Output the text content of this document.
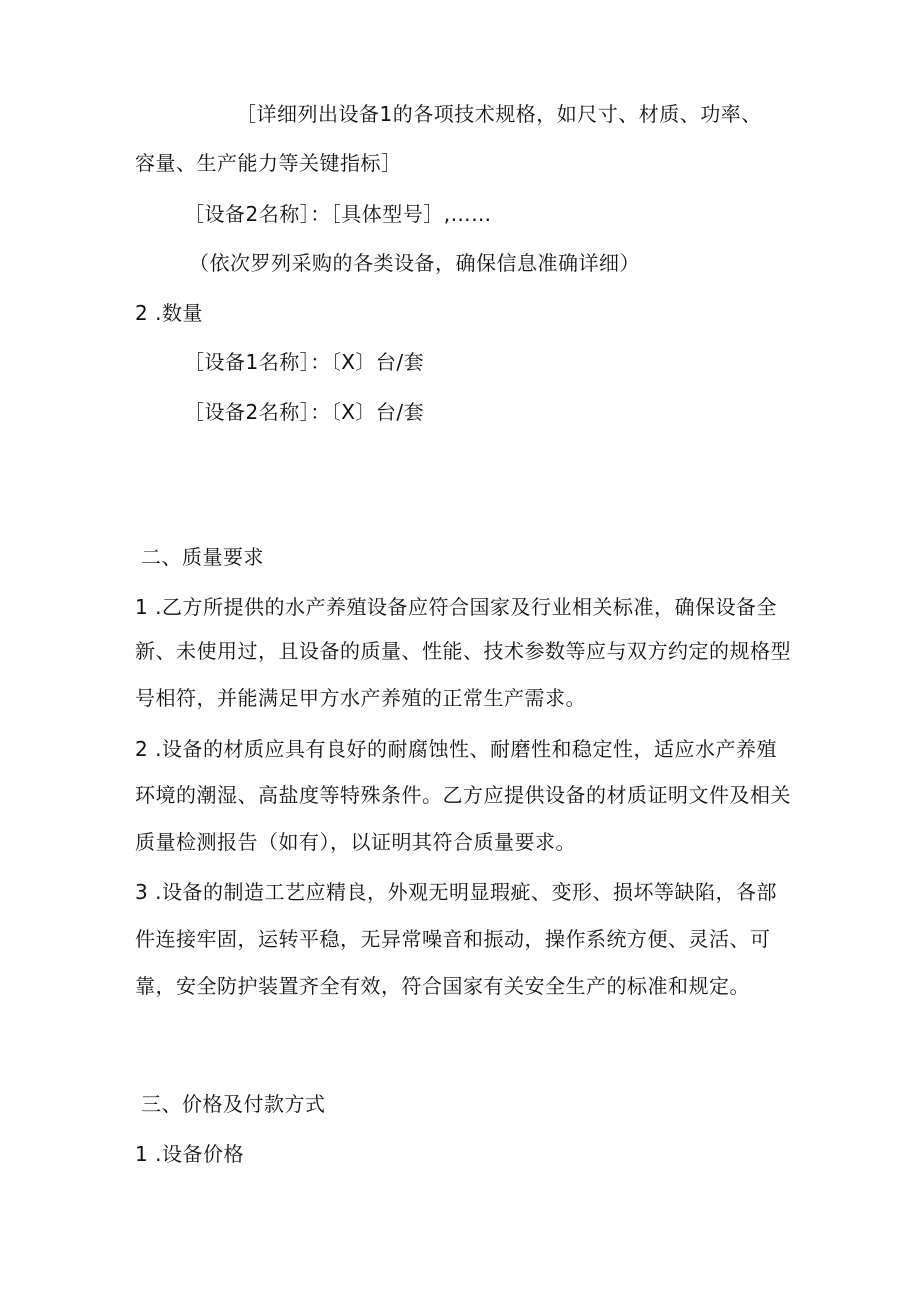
［详细列出设备1的各项技术规格，如尺寸、材质、功率、
容量、生产能力等关键指标］
［设备2名称］：［具体型号］,……
（依次罗列采购的各类设备，确保信息准确详细）
2 .数量
［设备1名称］：〔X〕台/套
［设备2名称］：〔X〕台/套
二、质量要求
1 .乙方所提供的水产养殖设备应符合国家及行业相关标准，确保设备全
新、未使用过，且设备的质量、性能、技术参数等应与双方约定的规格型
号相符，并能满足甲方水产养殖的正常生产需求。
2 .设备的材质应具有良好的耐腐蚀性、耐磨性和稳定性，适应水产养殖
环境的潮湿、高盐度等特殊条件。乙方应提供设备的材质证明文件及相关
质量检测报告（如有），以证明其符合质量要求。
3 .设备的制造工艺应精良，外观无明显瑕疵、变形、损坏等缺陷，各部
件连接牢固，运转平稳，无异常噪音和振动，操作系统方便、灵活、可
靠，安全防护装置齐全有效，符合国家有关安全生产的标准和规定。
三、价格及付款方式
1 .设备价格
